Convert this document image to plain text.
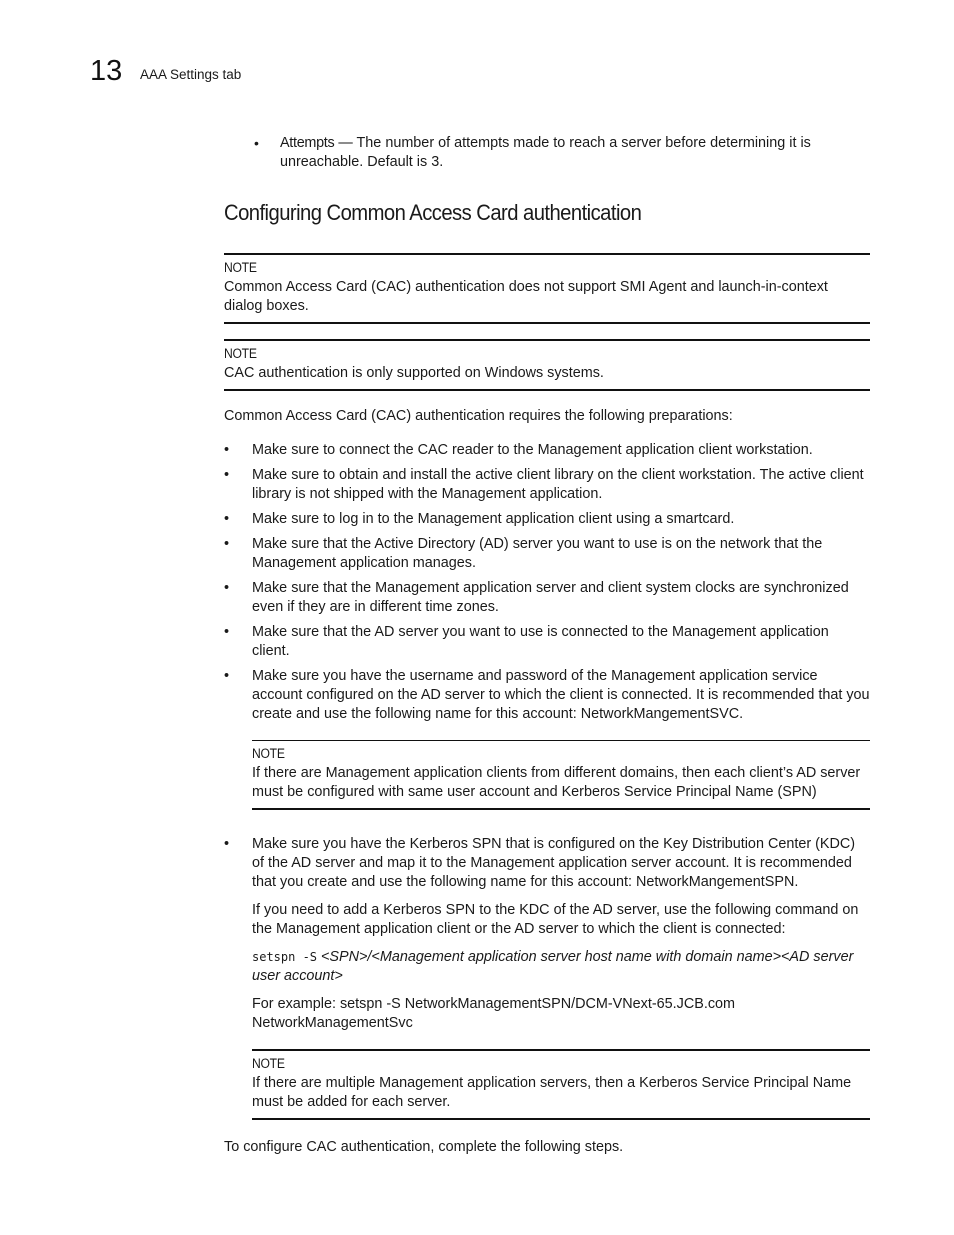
13 AAA Settings tab
•	Attempts — The number of attempts made to reach a server before determining it is unreachable. Default is 3.
Configuring Common Access Card authentication
NOTE
Common Access Card (CAC) authentication does not support SMI Agent and launch-in-context dialog boxes.
NOTE
CAC authentication is only supported on Windows systems.

Common Access Card (CAC) authentication requires the following preparations:

•	Make sure to connect the CAC reader to the Management application client workstation.
•	Make sure to obtain and install the active client library on the client workstation. The active client library is not shipped with the Management application.
•	Make sure to log in to the Management application client using a smartcard.
•	Make sure that the Active Directory (AD) server you want to use is on the network that the Management application manages.
•	Make sure that the Management application server and client system clocks are synchronized even if they are in different time zones.
•	Make sure that the AD server you want to use is connected to the Management application client.
•	Make sure you have the username and password of the Management application service account configured on the AD server to which the client is connected. It is recommended that you create and use the following name for this account: NetworkMangementSVC.
NOTE
If there are Management application clients from different domains, then each client’s AD server must be configured with same user account and Kerberos Service Principal Name (SPN)
•	Make sure you have the Kerberos SPN that is configured on the Key Distribution Center (KDC) of the AD server and map it to the Management application server account. It is recommended that you create and use the following name for this account: NetworkMangementSPN.

If you need to add a Kerberos SPN to the KDC of the AD server, use the following command on the Management application client or the AD server to which the client is connected:

setspn -S <SPN>/<Management application server host name with domain name><AD server user account>

For example: setspn -S NetworkManagementSPN/DCM-VNext-65.JCB.com NetworkManagementSvc

NOTE
If there are multiple Management application servers, then a Kerberos Service Principal Name must be added for each server.

To configure CAC authentication, complete the following steps.
